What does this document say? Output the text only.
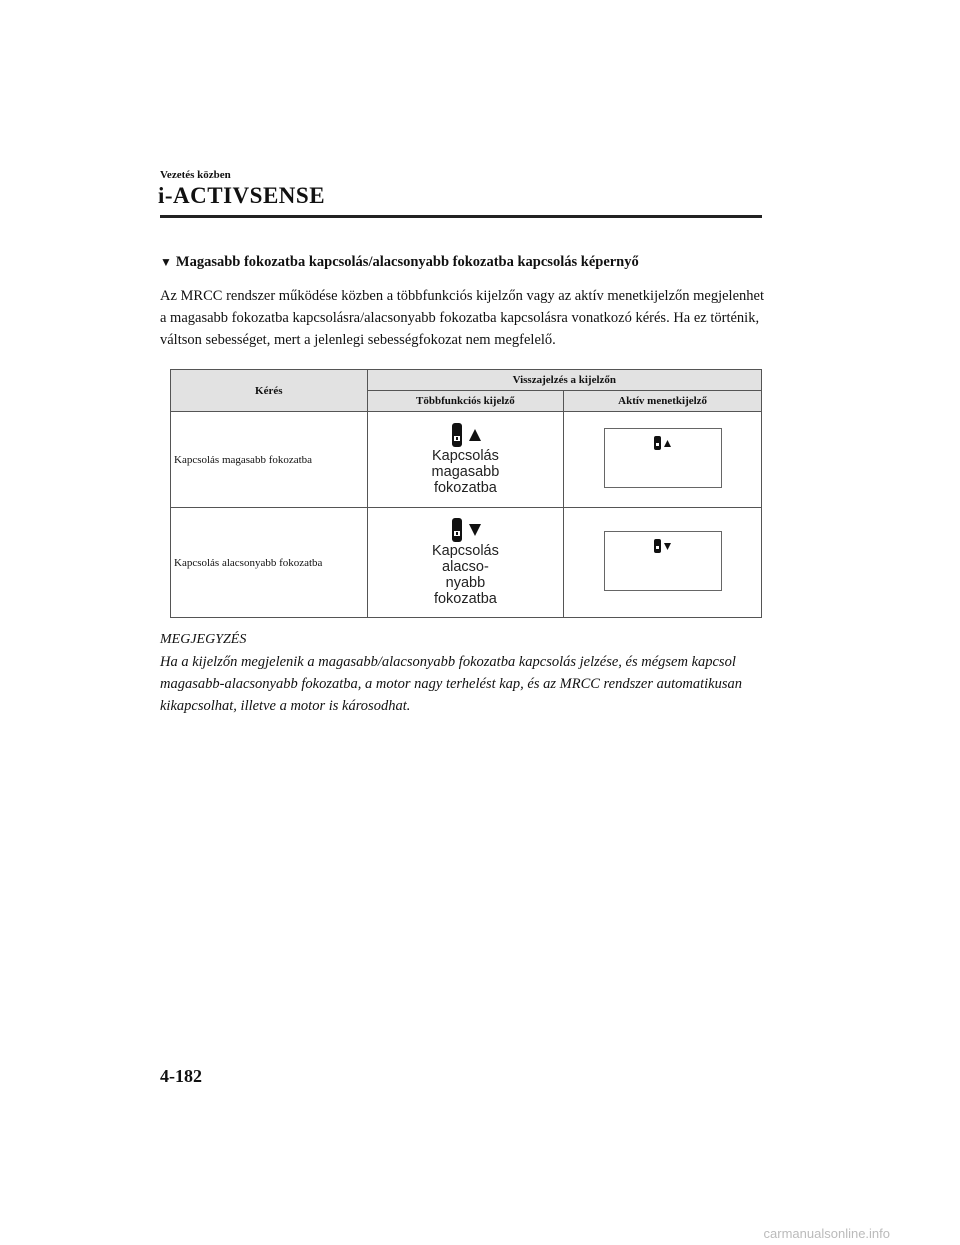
Vezetés közben
i-ACTIVSENSE
▼ Magasabb fokozatba kapcsolás/alacsonyabb fokozatba kapcsolás képernyő
Az MRCC rendszer működése közben a többfunkciós kijelzőn vagy az aktív menetkijelzőn megjelenhet a magasabb fokozatba kapcsolásra/alacsonyabb fokozatba kapcsolásra vonatkozó kérés. Ha ez történik, váltson sebességet, mert a jelenlegi sebességfokozat nem megfelelő.
Kérés	Visszajelzés a kijelzőn	
	Többfunkciós kijelző	Aktív menetkijelző
Kapcsolás magasabb fokozatba	Kapcsolás
magasabb
fokozatba

Kapcsolás alacsonyabb fokozatba	Kapcsolás
alacso-
nyabb
fokozatba

MEGJEGYZÉS
Ha a kijelzőn megjelenik a magasabb/alacsonyabb fokozatba kapcsolás jelzése, és mégsem kapcsol magasabb-alacsonyabb fokozatba, a motor nagy terhelést kap, és az MRCC rendszer automatikusan kikapcsolhat, illetve a motor is károsodhat.
4-182
carmanualsonline.info
